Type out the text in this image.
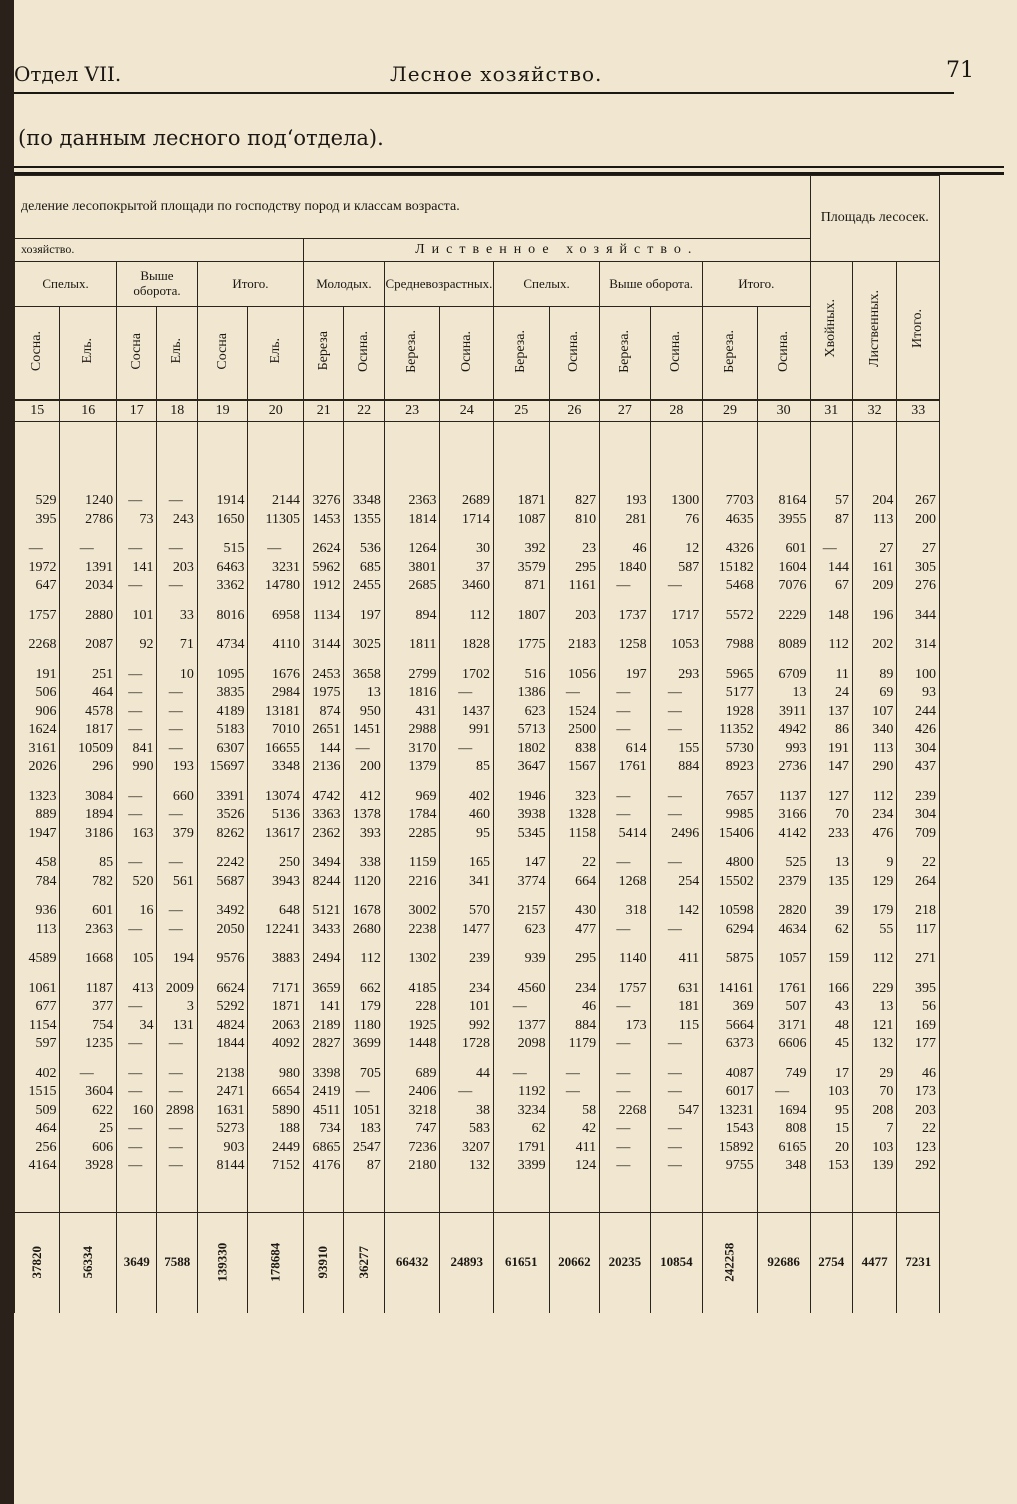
Отдел VII.	Лесное хозяйство.	71
(по данным лесного под‘отдела).
деление лесопокрытой площади по господству пород и классам возраста.																Площадь лесосек.		
хозяйство.						Лиственное хозяйство.												
Спелых.		Выше оборота.		Итого.		Молодых.		Средневозрастных.		Спелых.		Выше оборота.		Итого.		Хвойных.	Лиственных.	Итого.
Сосна.	Ель.	Сосна	Ель.	Сосна	Ель.	Береза	Осина.	Береза.	Осина.	Береза.	Осина.	Береза.	Осина.	Береза.	Осина.			
15	16	17	18	19	20	21	22	23	24	25	26	27	28	29	30	31	32	33

529	1240	—	—	1914	2144	3276	3348	2363	2689	1871	827	193	1300	7703	8164	57	204	267
395	2786	73	243	1650	11305	1453	1355	1814	1714	1087	810	281	76	4635	3955	87	113	200

—	—	—	—	515	—	2624	536	1264	30	392	23	46	12	4326	601	—	27	27
1972	1391	141	203	6463	3231	5962	685	3801	37	3579	295	1840	587	15182	1604	144	161	305
647	2034	—	—	3362	14780	1912	2455	2685	3460	871	1161	—	—	5468	7076	67	209	276

1757	2880	101	33	8016	6958	1134	197	894	112	1807	203	1737	1717	5572	2229	148	196	344

2268	2087	92	71	4734	4110	3144	3025	1811	1828	1775	2183	1258	1053	7988	8089	112	202	314

191	251	—	10	1095	1676	2453	3658	2799	1702	516	1056	197	293	5965	6709	11	89	100
506	464	—	—	3835	2984	1975	13	1816	—	1386	—	—	—	5177	13	24	69	93
906	4578	—	—	4189	13181	874	950	431	1437	623	1524	—	—	1928	3911	137	107	244
1624	1817	—	—	5183	7010	2651	1451	2988	991	5713	2500	—	—	11352	4942	86	340	426
3161	10509	841	—	6307	16655	144	—	3170	—	1802	838	614	155	5730	993	191	113	304
2026	296	990	193	15697	3348	2136	200	1379	85	3647	1567	1761	884	8923	2736	147	290	437

1323	3084	—	660	3391	13074	4742	412	969	402	1946	323	—	—	7657	1137	127	112	239
889	1894	—	—	3526	5136	3363	1378	1784	460	3938	1328	—	—	9985	3166	70	234	304
1947	3186	163	379	8262	13617	2362	393	2285	95	5345	1158	5414	2496	15406	4142	233	476	709

458	85	—	—	2242	250	3494	338	1159	165	147	22	—	—	4800	525	13	9	22
784	782	520	561	5687	3943	8244	1120	2216	341	3774	664	1268	254	15502	2379	135	129	264

936	601	16	—	3492	648	5121	1678	3002	570	2157	430	318	142	10598	2820	39	179	218
113	2363	—	—	2050	12241	3433	2680	2238	1477	623	477	—	—	6294	4634	62	55	117

4589	1668	105	194	9576	3883	2494	112	1302	239	939	295	1140	411	5875	1057	159	112	271

1061	1187	413	2009	6624	7171	3659	662	4185	234	4560	234	1757	631	14161	1761	166	229	395
677	377	—	3	5292	1871	141	179	228	101	—	46	—	181	369	507	43	13	56
1154	754	34	131	4824	2063	2189	1180	1925	992	1377	884	173	115	5664	3171	48	121	169
597	1235	—	—	1844	4092	2827	3699	1448	1728	2098	1179	—	—	6373	6606	45	132	177

402	—	—	—	2138	980	3398	705	689	44	—	—	—	—	4087	749	17	29	46
1515	3604	—	—	2471	6654	2419	—	2406	—	1192	—	—	—	6017	—	103	70	173
509	622	160	2898	1631	5890	4511	1051	3218	38	3234	58	2268	547	13231	1694	95	208	203
464	25	—	—	5273	188	734	183	747	583	62	42	—	—	1543	808	15	7	22
256	606	—	—	903	2449	6865	2547	7236	3207	1791	411	—	—	15892	6165	20	103	123
4164	3928	—	—	8144	7152	4176	87	2180	132	3399	124	—	—	9755	348	153	139	292

37820	56334	3649	7588	139330	178684	93910	36277	66432	24893	61651	20662	20235	10854	242258	92686	2754	4477	7231
